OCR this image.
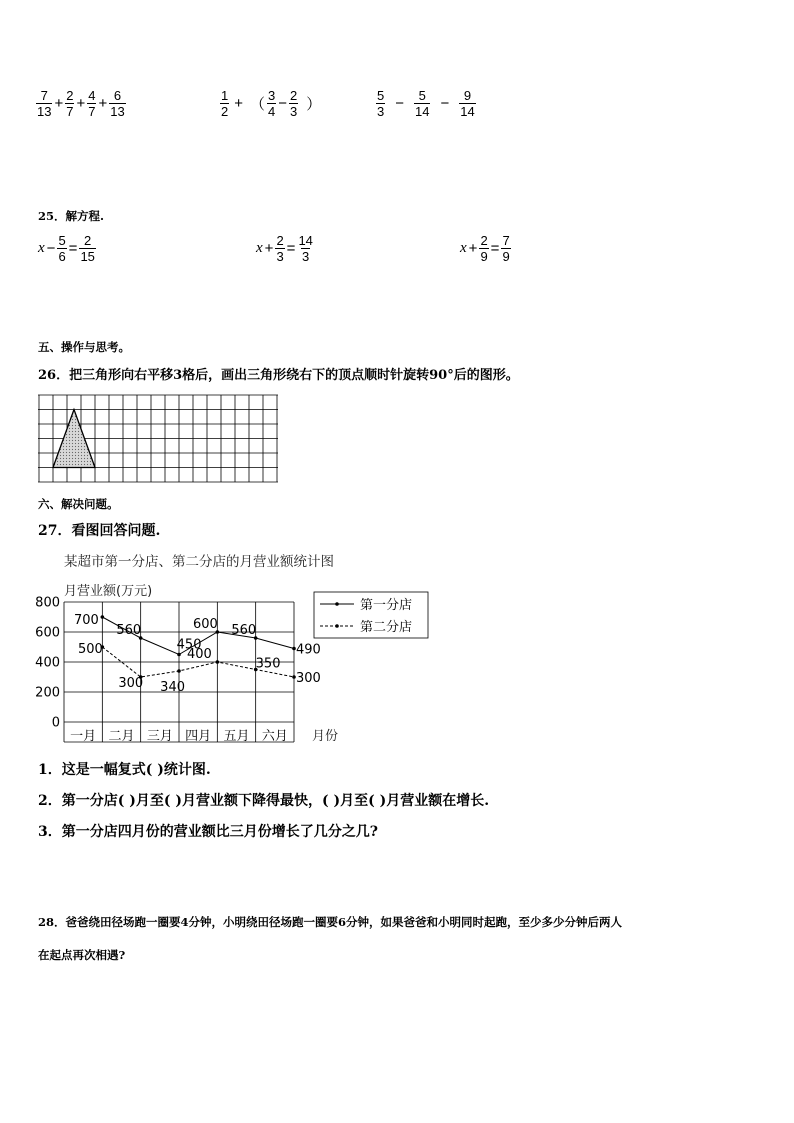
$\frac{7}{13} + \frac{2}{7} + \frac{4}{7} + \frac{6}{13}$	$\frac{1}{2}$ + （ $\frac{3}{4} - \frac{2}{3}$ ）	$\frac{5}{3} - \frac{5}{14} - \frac{9}{14}$
25．解方程.
$x - \frac{5}{6} = \frac{2}{15}$	$x + \frac{2}{3} = \frac{14}{3}$	$x + \frac{2}{9} = \frac{7}{9}$
五、操作与思考。
26．把三角形向右平移3格后，画出三角形绕右下的顶点顺时针旋转90°后的图形。
六、解决问题。
27．看图回答问题.
某超市第一分店、第二分店的月营业额统计图
月营业额(万元)
0
200
400
600
800
一月 二月 三月 四月 五月 六月 月份
700
560
450
600 560
490
500
300 340
400
350
300
第一分店
第二分店
1．这是一幅复式( )统计图.
2．第一分店( )月至( )月营业额下降得最快，( )月至( )月营业额在增长.
3．第一分店四月份的营业额比三月份增长了几分之几?
28．爸爸绕田径场跑一圈要4分钟，小明绕田径场跑一圈要6分钟，如果爸爸和小明同时起跑，至少多少分钟后两人
在起点再次相遇?
